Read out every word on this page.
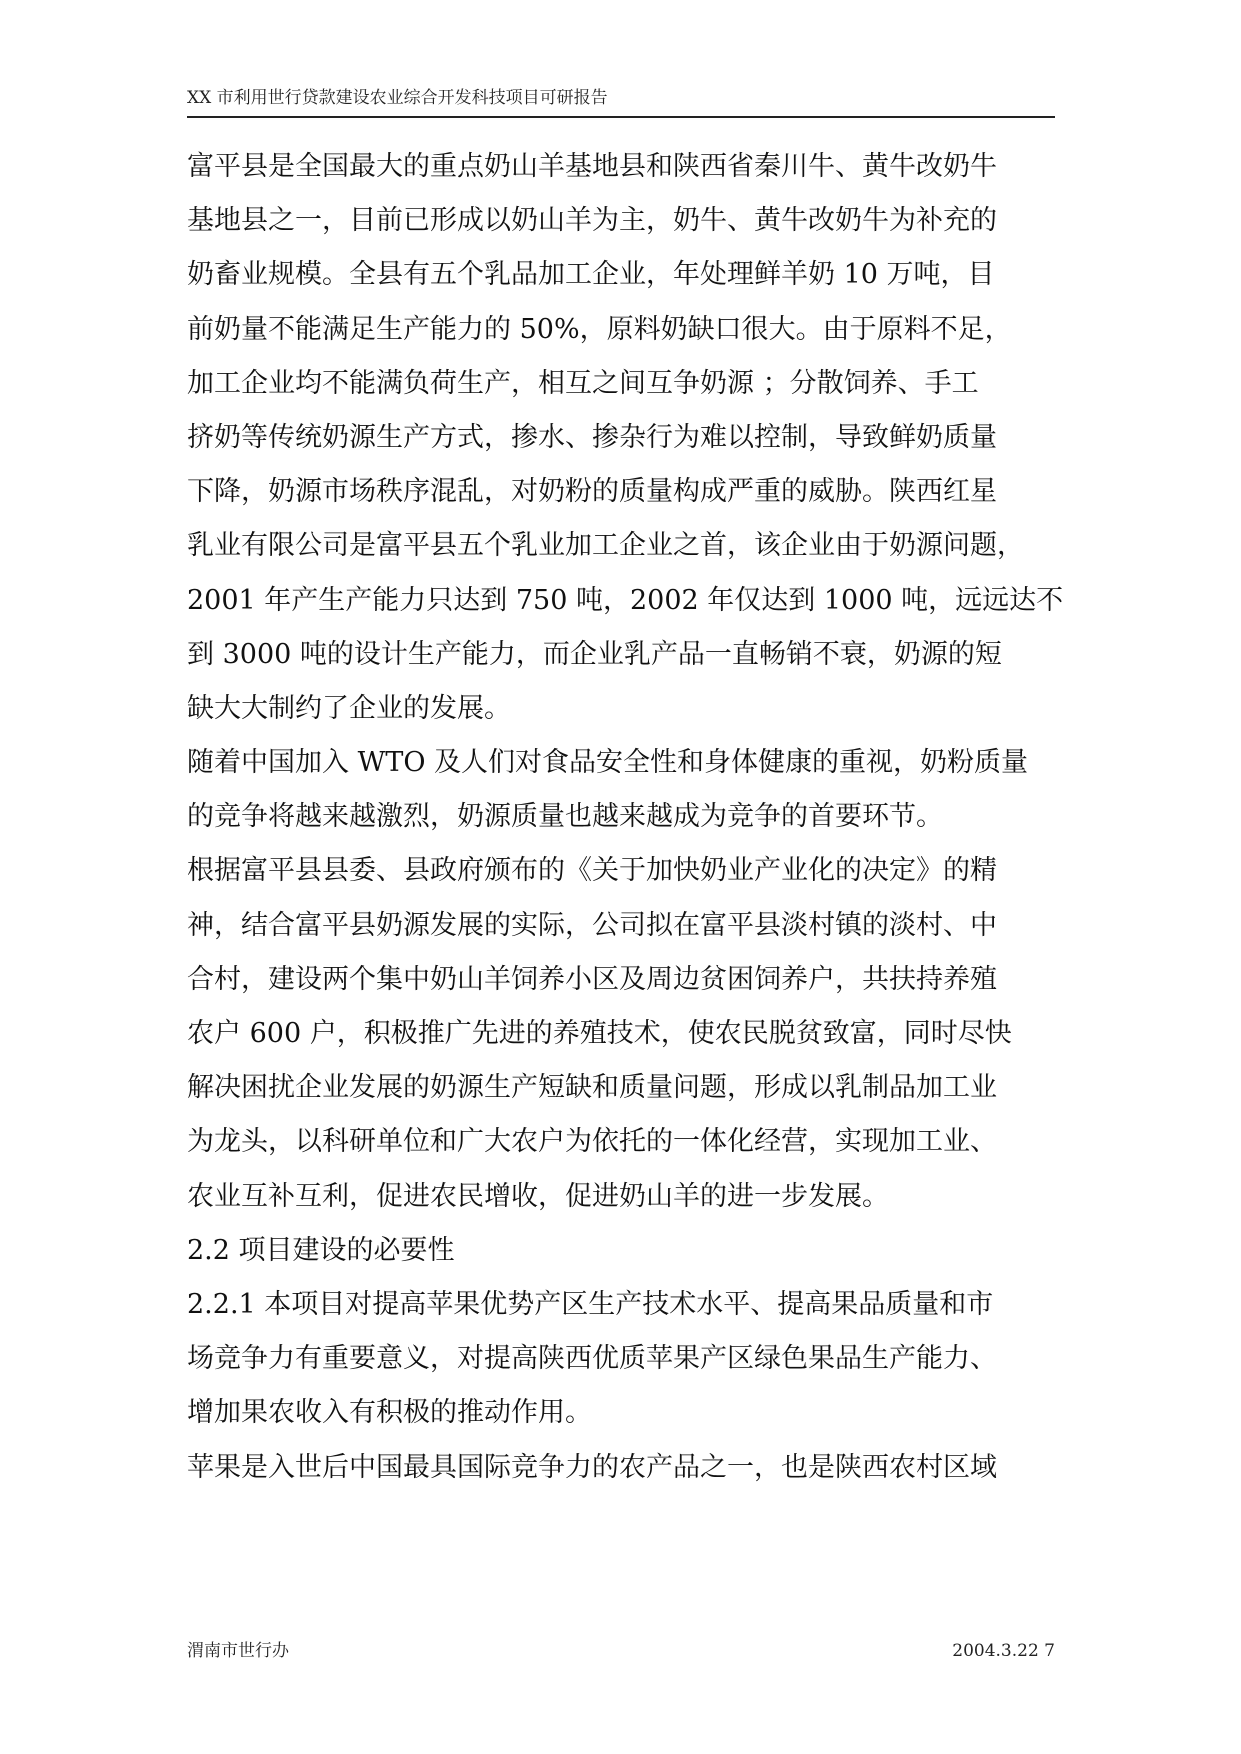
XX 市利用世行贷款建设农业综合开发科技项目可研报告
富平县是全国最大的重点奶山羊基地县和陕西省秦川牛、黄牛改奶牛
基地县之一，目前已形成以奶山羊为主，奶牛、黄牛改奶牛为补充的
奶畜业规模。全县有五个乳品加工企业，年处理鲜羊奶 10 万吨，目
前奶量不能满足生产能力的 50%，原料奶缺口很大。由于原料不足，
加工企业均不能满负荷生产，相互之间互争奶源 ；分散饲养、手工
挤奶等传统奶源生产方式，掺水、掺杂行为难以控制，导致鲜奶质量
下降，奶源市场秩序混乱，对奶粉的质量构成严重的威胁。陕西红星
乳业有限公司是富平县五个乳业加工企业之首，该企业由于奶源问题，
2001 年产生产能力只达到 750 吨，2002 年仅达到 1000 吨，远远达不
到 3000 吨的设计生产能力，而企业乳产品一直畅销不衰，奶源的短
缺大大制约了企业的发展。
随着中国加入 WTO 及人们对食品安全性和身体健康的重视，奶粉质量
的竞争将越来越激烈，奶源质量也越来越成为竞争的首要环节。
根据富平县县委、县政府颁布的《关于加快奶业产业化的决定》的精
神，结合富平县奶源发展的实际，公司拟在富平县淡村镇的淡村、中
合村，建设两个集中奶山羊饲养小区及周边贫困饲养户，共扶持养殖
农户 600 户，积极推广先进的养殖技术，使农民脱贫致富，同时尽快
解决困扰企业发展的奶源生产短缺和质量问题，形成以乳制品加工业
为龙头，以科研单位和广大农户为依托的一体化经营，实现加工业、
农业互补互利，促进农民增收，促进奶山羊的进一步发展。
2.2 项目建设的必要性
2.2.1 本项目对提高苹果优势产区生产技术水平、提高果品质量和市
场竞争力有重要意义，对提高陕西优质苹果产区绿色果品生产能力、
增加果农收入有积极的推动作用。
苹果是入世后中国最具国际竞争力的农产品之一，也是陕西农村区域
渭南市世行办	2004.3.22 7
